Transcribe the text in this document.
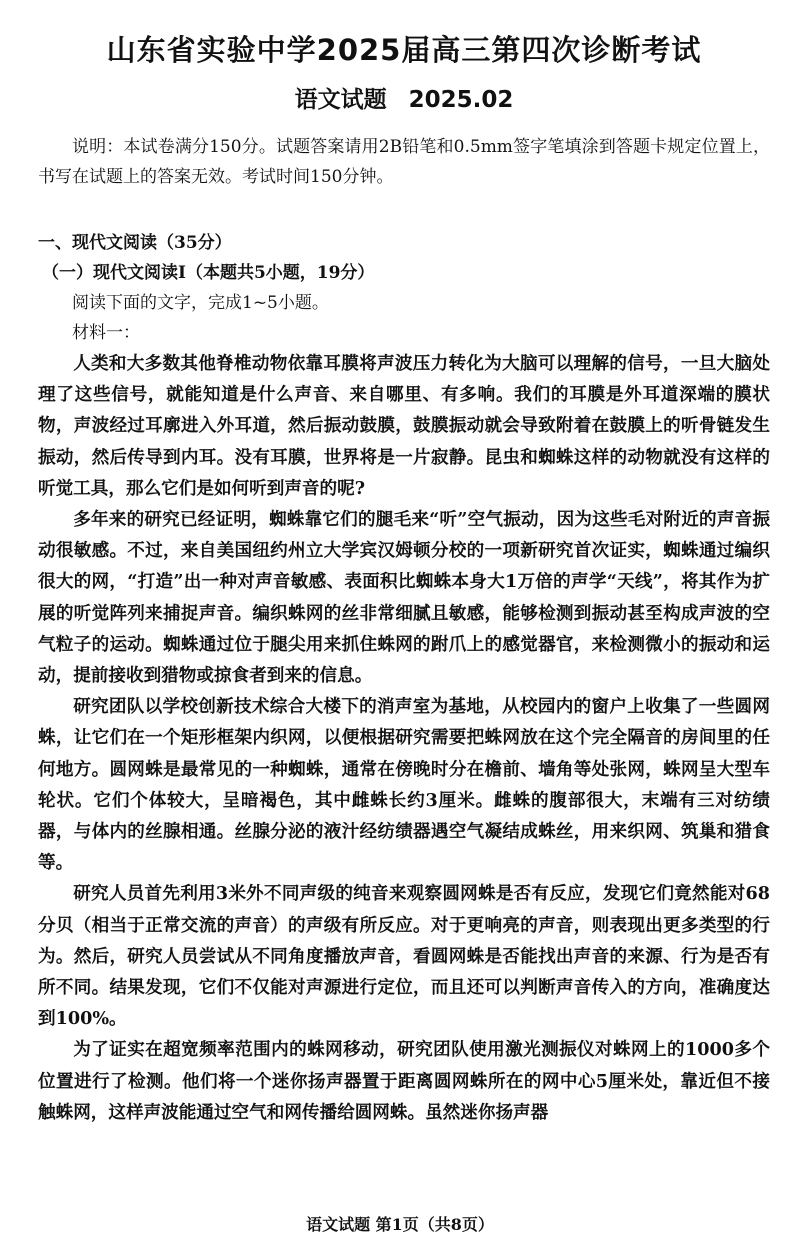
山东省实验中学2025届高三第四次诊断考试
语文试题 2025.02

说明：本试卷满分150分。试题答案请用2B铅笔和0.5mm签字笔填涂到答题卡规定位置上，书写在试题上的答案无效。考试时间150分钟。

一、现代文阅读（35分）

（一）现代文阅读Ⅰ（本题共5小题，19分）

阅读下面的文字，完成1~5小题。

材料一：

人类和大多数其他脊椎动物依靠耳膜将声波压力转化为大脑可以理解的信号，一旦大脑处理了这些信号，就能知道是什么声音、来自哪里、有多响。我们的耳膜是外耳道深端的膜状物，声波经过耳廓进入外耳道，然后振动鼓膜，鼓膜振动就会导致附着在鼓膜上的听骨链发生振动，然后传导到内耳。没有耳膜，世界将是一片寂静。昆虫和蜘蛛这样的动物就没有这样的听觉工具，那么它们是如何听到声音的呢?

多年来的研究已经证明，蜘蛛靠它们的腿毛来“听”空气振动，因为这些毛对附近的声音振动很敏感。不过，来自美国纽约州立大学宾汉姆顿分校的一项新研究首次证实，蜘蛛通过编织很大的网，“打造”出一种对声音敏感、表面积比蜘蛛本身大1万倍的声学“天线”，将其作为扩展的听觉阵列来捕捉声音。编织蛛网的丝非常细腻且敏感，能够检测到振动甚至构成声波的空气粒子的运动。蜘蛛通过位于腿尖用来抓住蛛网的跗爪上的感觉器官，来检测微小的振动和运动，提前接收到猎物或掠食者到来的信息。

研究团队以学校创新技术综合大楼下的消声室为基地，从校园内的窗户上收集了一些圆网蛛，让它们在一个矩形框架内织网，以便根据研究需要把蛛网放在这个完全隔音的房间里的任何地方。圆网蛛是最常见的一种蜘蛛，通常在傍晚时分在檐前、墙角等处张网，蛛网呈大型车轮状。它们个体较大，呈暗褐色，其中雌蛛长约3厘米。雌蛛的腹部很大，末端有三对纺绩器，与体内的丝腺相通。丝腺分泌的液汁经纺绩器遇空气凝结成蛛丝，用来织网、筑巢和猎食等。

研究人员首先利用3米外不同声级的纯音来观察圆网蛛是否有反应，发现它们竟然能对68分贝（相当于正常交流的声音）的声级有所反应。对于更响亮的声音，则表现出更多类型的行为。然后，研究人员尝试从不同角度播放声音，看圆网蛛是否能找出声音的来源、行为是否有所不同。结果发现，它们不仅能对声源进行定位，而且还可以判断声音传入的方向，准确度达到100%。

为了证实在超宽频率范围内的蛛网移动，研究团队使用激光测振仪对蛛网上的1000多个位置进行了检测。他们将一个迷你扬声器置于距离圆网蛛所在的网中心5厘米处，靠近但不接触蛛网，这样声波能通过空气和网传播给圆网蛛。虽然迷你扬声器

语文试题 第1页（共8页）
